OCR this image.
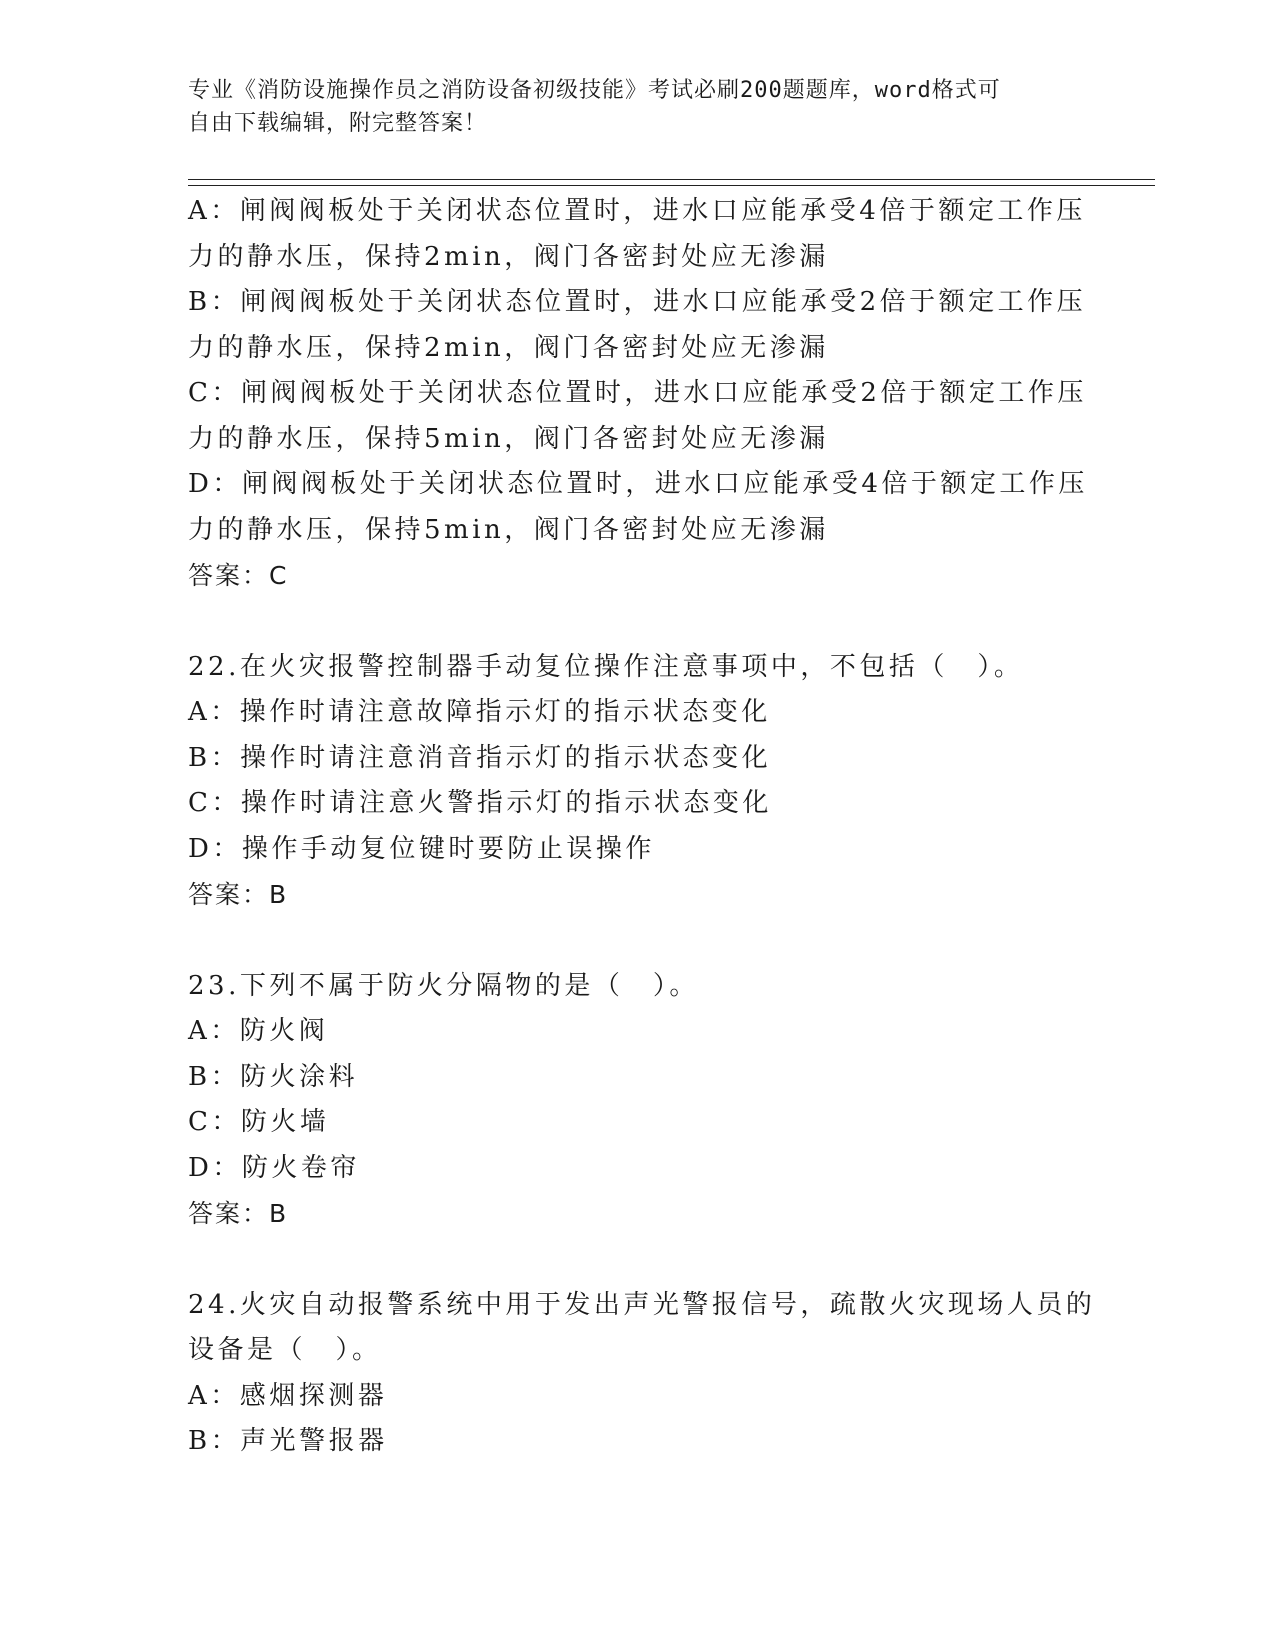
专业《消防设施操作员之消防设备初级技能》考试必刷200题题库，word格式可
自由下载编辑，附完整答案！
A：闸阀阀板处于关闭状态位置时，进水口应能承受4倍于额定工作压
力的静水压，保持2min，阀门各密封处应无渗漏
B：闸阀阀板处于关闭状态位置时，进水口应能承受2倍于额定工作压
力的静水压，保持2min，阀门各密封处应无渗漏
C：闸阀阀板处于关闭状态位置时，进水口应能承受2倍于额定工作压
力的静水压，保持5min，阀门各密封处应无渗漏
D：闸阀阀板处于关闭状态位置时，进水口应能承受4倍于额定工作压
力的静水压，保持5min，阀门各密封处应无渗漏
答案：C
22.在火灾报警控制器手动复位操作注意事项中，不包括（　）。
A：操作时请注意故障指示灯的指示状态变化
B：操作时请注意消音指示灯的指示状态变化
C：操作时请注意火警指示灯的指示状态变化
D：操作手动复位键时要防止误操作
答案：B
23.下列不属于防火分隔物的是（　）。
A：防火阀
B：防火涂料
C：防火墙
D：防火卷帘
答案：B
24.火灾自动报警系统中用于发出声光警报信号，疏散火灾现场人员的
设备是（　）。
A：感烟探测器
B：声光警报器
